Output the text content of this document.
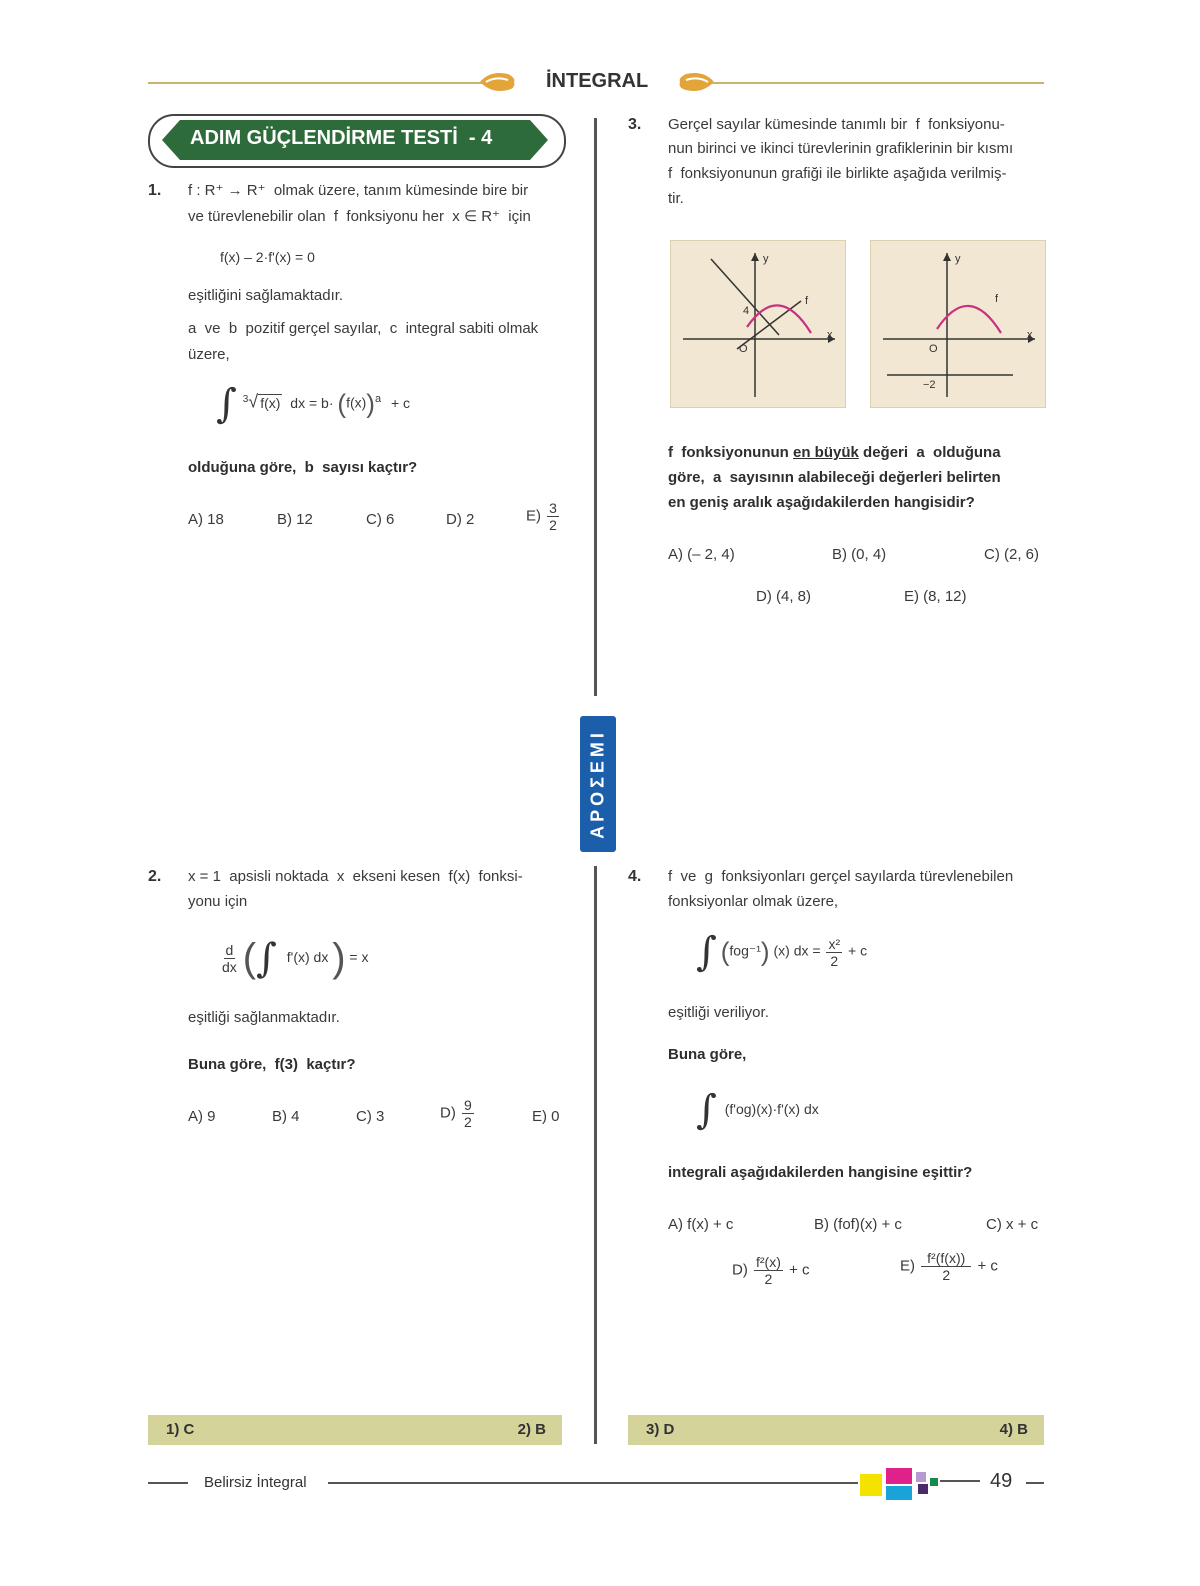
İNTEGRAL
APOΣEMI
ADIM GÜÇLENDİRME TESTİ  - 4
1. f : R⁺ → R⁺  olmak üzere, tanım kümesinde bire bir
ve türevlenebilir olan  f  fonksiyonu her  x ∈ R⁺  için
f(x) – 2·f'(x) = 0
eşitliğini sağlamaktadır.
a  ve  b  pozitif gerçel sayılar,  c  integral sabiti olmak
üzere,
∫ $^3$√ f(x) dx = $b\cdot (f(x))^a + c$
olduğuna göre,  b  sayısı kaçtır?
A) 18	B) 12	C) 6	D) 2	$E) \frac{3}{2}$
3. Gerçel sayılar kümesinde tanımlı bir  f  fonksiyonu-
nun birinci ve ikinci türevlerinin grafiklerinin bir kısmı
f  fonksiyonunun grafiği ile birlikte aşağıda verilmiş-
tir.
y
x
O
f
4
y
x
O
f
−2
f  fonksiyonunun en büyük değeri  a  olduğuna
göre,  a  sayısının alabileceği değerleri belirten
en geniş aralık aşağıdakilerden hangisidir?
A) (– 2, 4)	B) (0, 4)	C) (2, 6)
D) (4, 8)	E) (8, 12)
2. x = 1  apsisli noktada  x  ekseni kesen  f(x)  fonksi-
yonu için
$\frac{d}{dx}$ (∫ f'(x) dx ) = x
eşitliği sağlanmaktadır.
Buna göre,  f(3)  kaçtır?
A) 9	B) 4	C) 3	$D) \frac{9}{2}$	E) 0
4. f  ve  g  fonksiyonları gerçel sayılarda türevlenebilen
fonksiyonlar olmak üzere,
∫ (fog⁻¹) (x) dx = $\frac{\text{x²}}{2} + c$
eşitliği veriliyor.
Buna göre,
∫ (f'og)(x)·f'(x) dx
integrali aşağıdakilerden hangisine eşittir?
A) f(x) + c	B) (fof)(x) + c	C) x + c
$D) \frac{\text{f²(x)}}{2} + c$	$E) \frac{\text{f²(f(x))}}{2} + c$
1) C	2) B	3) D	4) B
Belirsiz İntegral	49
